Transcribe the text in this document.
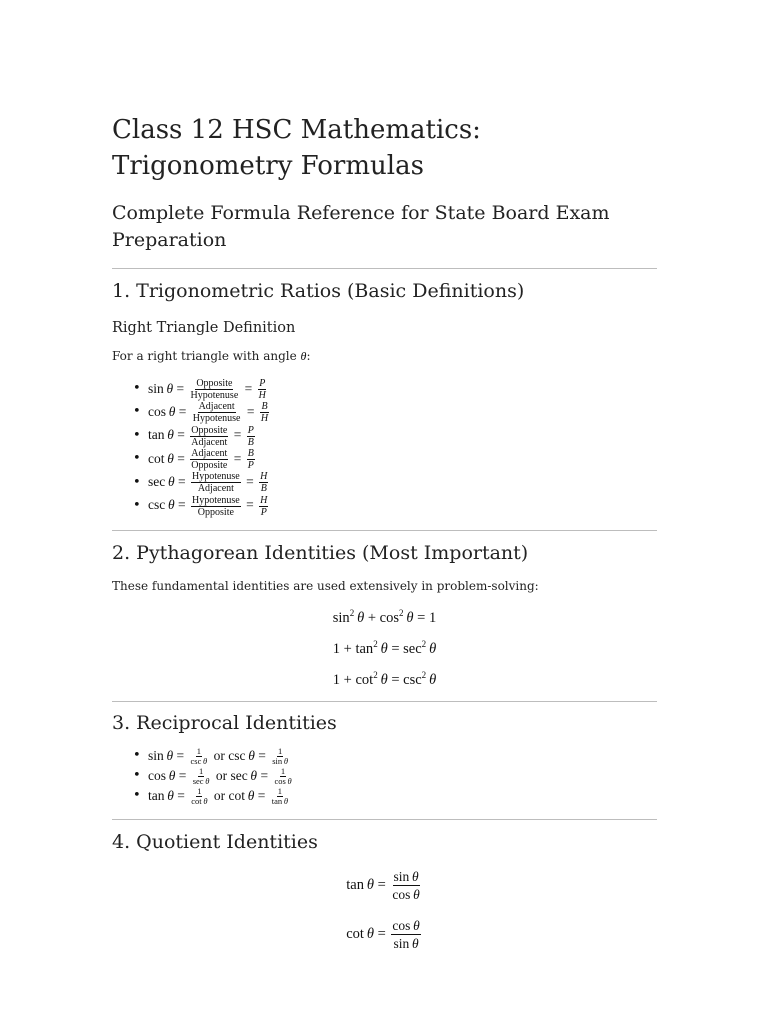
Class 12 HSC Mathematics: Trigonometry Formulas
Complete Formula Reference for State Board Exam Preparation
1. Trigonometric Ratios (Basic Definitions)
Right Triangle Definition

For a right triangle with angle θ:

• $\sin \theta = \frac{\text{Opposite}}{\text{Hypotenuse}} = \frac{P}{H}$
• $\cos \theta = \frac{\text{Adjacent}}{\text{Hypotenuse}} = \frac{B}{H}$
• $\tan \theta = \frac{\text{Opposite}}{\text{Adjacent}} = \frac{P}{B}$
• $\cot \theta = \frac{\text{Adjacent}}{\text{Opposite}} = \frac{B}{P}$
• $\sec \theta = \frac{\text{Hypotenuse}}{\text{Adjacent}} = \frac{H}{B}$
• $\csc \theta = \frac{\text{Hypotenuse}}{\text{Opposite}} = \frac{H}{P}$
2. Pythagorean Identities (Most Important)

These fundamental identities are used extensively in problem-solving:

$\sin^2 \theta + \cos^2 \theta = 1$
$1 + \tan^2 \theta = \sec^2 \theta$
$1 + \cot^2 \theta = \csc^2 \theta$
3. Reciprocal Identities
• $\sin \theta = \frac{1}{\text{csc  θ}}$ or $\csc \theta = \frac{1}{\text{sin  θ}}$
• $\cos \theta = \frac{1}{\text{sec  θ}}$ or $\sec \theta = \frac{1}{\text{cos  θ}}$
• $\tan \theta = \frac{1}{\text{cot  θ}}$ or $\cot \theta = \frac{1}{\text{tan  θ}}$
4. Quotient Identities
$\tan \theta = \frac{\text{sin  θ}}{\text{cos  θ}}$
$\cot \theta = \frac{\text{cos  θ}}{\text{sin  θ}}$
